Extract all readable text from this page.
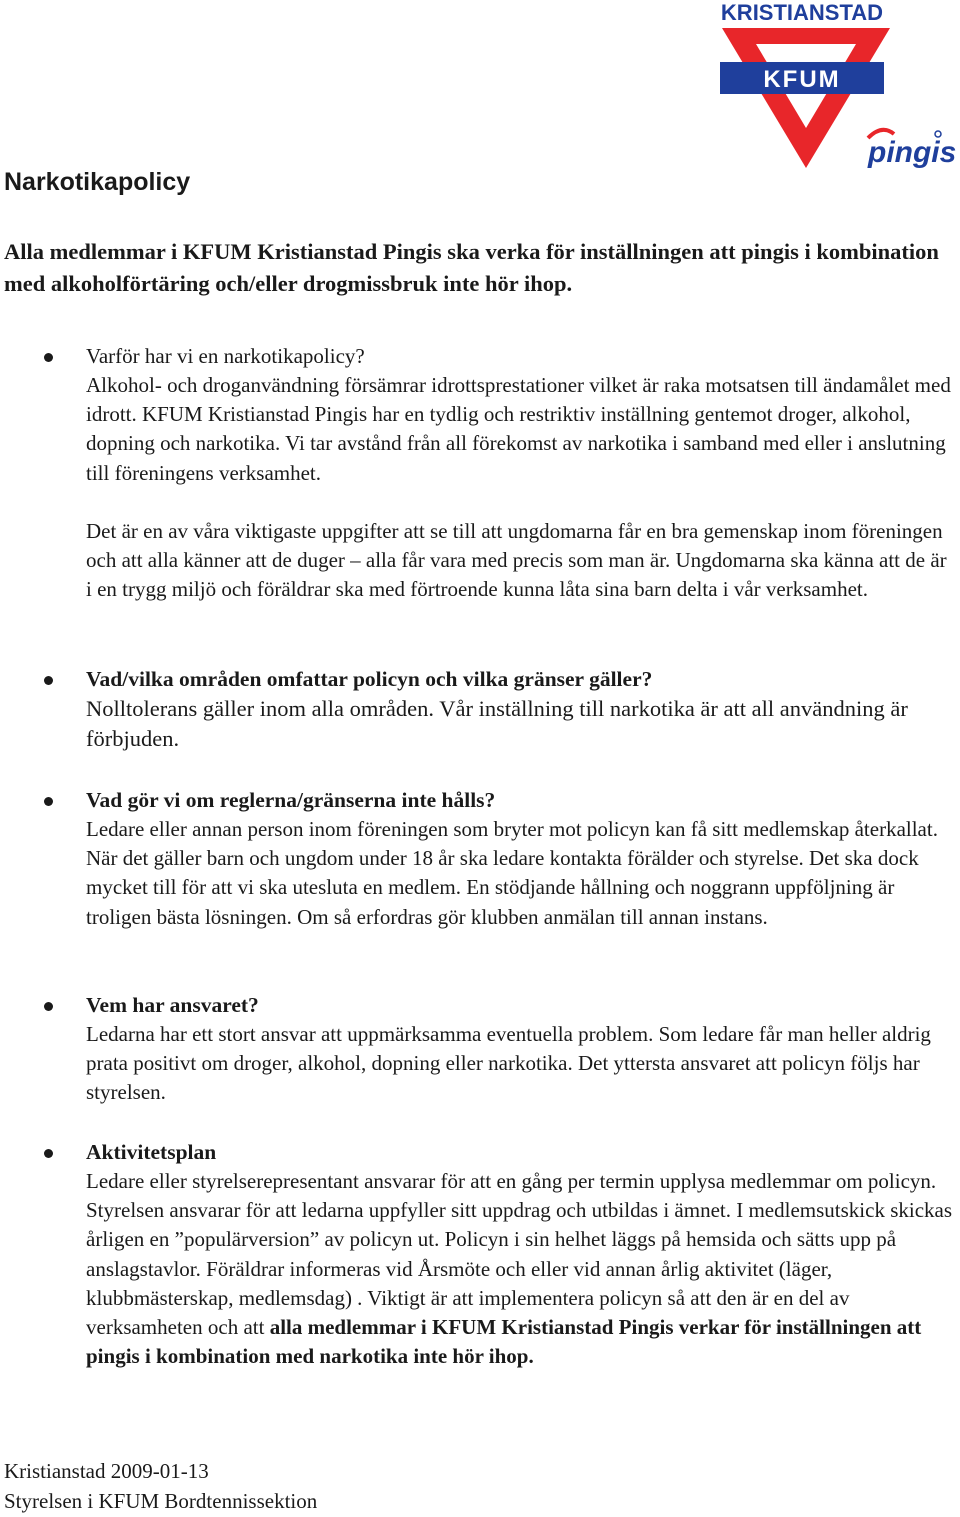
KRISTIANSTAD
KFUM
pingis
Narkotikapolicy

Alla medlemmar i KFUM Kristianstad Pingis ska verka för inställningen att pingis i kombination med alkoholförtäring och/eller drogmissbruk inte hör ihop.

Varför har vi en narkotikapolicy?
Alkohol- och droganvändning försämrar idrottsprestationer vilket är raka motsatsen till ändamålet med idrott. KFUM Kristianstad Pingis har en tydlig och restriktiv inställning gentemot droger, alkohol, dopning och narkotika. Vi tar avstånd från all förekomst av narkotika i samband med eller i anslutning till föreningens verksamhet.

Det är en av våra viktigaste uppgifter att se till att ungdomarna får en bra gemenskap inom föreningen och att alla känner att de duger – alla får vara med precis som man är. Ungdomarna ska känna att de är i en trygg miljö och föräldrar ska med förtroende kunna låta sina barn delta i vår verksamhet.

Vad/vilka områden omfattar policyn och vilka gränser gäller?
Nolltolerans gäller inom alla områden. Vår inställning till narkotika är att all användning är förbjuden.
Vad gör vi om reglerna/gränserna inte hålls?
Ledare eller annan person inom föreningen som bryter mot policyn kan få sitt medlemskap återkallat. När det gäller barn och ungdom under 18 år ska ledare kontakta förälder och styrelse. Det ska dock mycket till för att vi ska utesluta en medlem. En stödjande hållning och noggrann uppföljning är troligen bästa lösningen. Om så erfordras gör klubben anmälan till annan instans.
Vem har ansvaret?
Ledarna har ett stort ansvar att uppmärksamma eventuella problem. Som ledare får man heller aldrig prata positivt om droger, alkohol, dopning eller narkotika. Det yttersta ansvaret att policyn följs har styrelsen.
Aktivitetsplan
Ledare eller styrelserepresentant ansvarar för att en gång per termin upplysa medlemmar om policyn. Styrelsen ansvarar för att ledarna uppfyller sitt uppdrag och utbildas i ämnet. I medlemsutskick skickas årligen en ”populärversion” av policyn ut. Policyn i sin helhet läggs på hemsida och sätts upp på anslagstavlor. Föräldrar informeras vid Årsmöte och eller vid annan årlig aktivitet (läger, klubbmästerskap, medlemsdag) . Viktigt är att implementera policyn så att den är en del av verksamheten och att alla medlemmar i KFUM Kristianstad Pingis verkar för inställningen att pingis i kombination med narkotika inte hör ihop.
Kristianstad 2009-01-13
Styrelsen i KFUM Bordtennissektion
